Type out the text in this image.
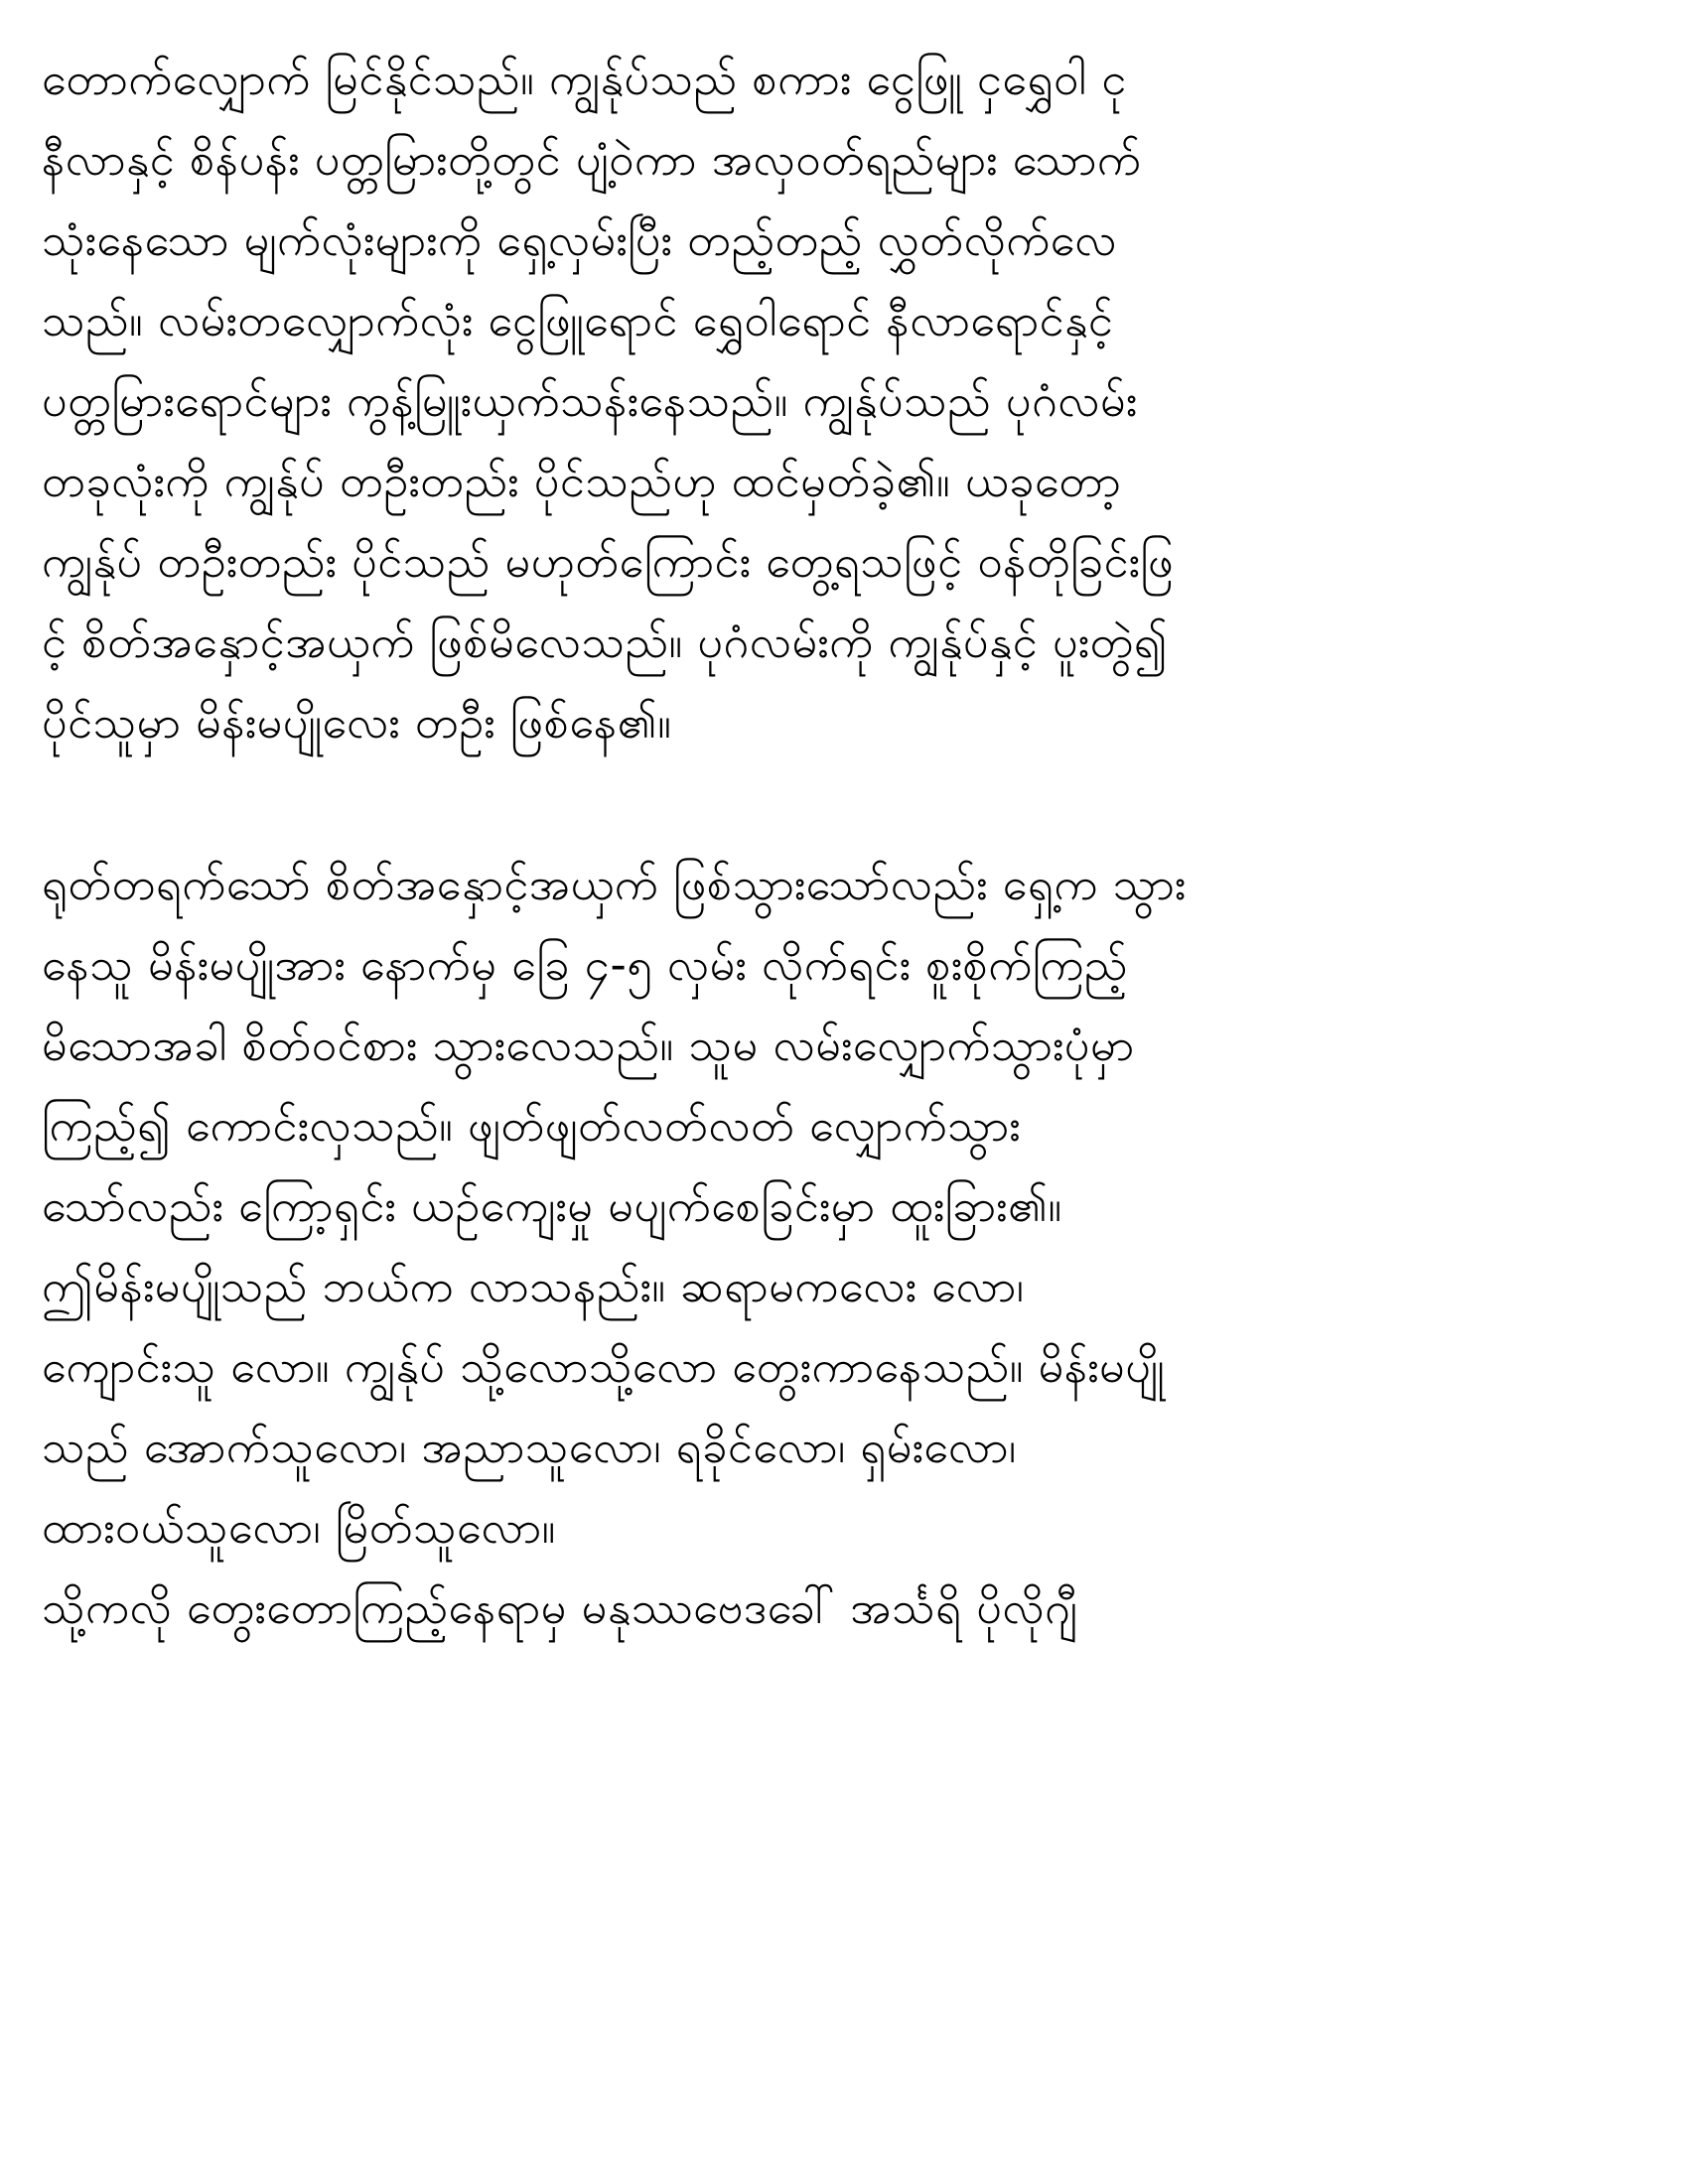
တောက်လျှောက် မြင်နိုင်သည်။ ကျွန်ုပ်သည် စကား ငွေဖြူ ငှရွှေဝါ ငု
နီလာနှင့် စိန်ပန်း ပတ္တမြားတို့တွင် ပျံ့ဝဲကာ အလှဝတ်ရည်များ သောက်
သုံးနေသော မျက်လုံးများကို ရှေ့လှမ်းပြီး တည့်တည့် လွှတ်လိုက်လေ
သည်။ လမ်းတလျှောက်လုံး ငွေဖြူရောင် ရွှေဝါရောင် နီလာရောင်နှင့်
ပတ္တမြားရောင်များ ကွန့်မြူးယှက်သန်းနေသည်။ ကျွန်ုပ်သည် ပုဂံလမ်း
တခုလုံးကို ကျွန်ုပ် တဦးတည်း ပိုင်သည်ဟု ထင်မှတ်ခဲ့၏။ ယခုတော့
ကျွန်ုပ် တဦးတည်း ပိုင်သည် မဟုတ်ကြောင်း တွေ့ရသဖြင့် ဝန်တိုခြင်းဖြ
င့် စိတ်အနှောင့်အယှက် ဖြစ်မိလေသည်။ ပုဂံလမ်းကို ကျွန်ုပ်နှင့် ပူးတွဲ၍
ပိုင်သူမှာ မိန်းမပျိုလေး တဦး ဖြစ်နေ၏။
ရုတ်တရက်သော် စိတ်အနှောင့်အယှက် ဖြစ်သွားသော်လည်း ရှေ့က သွား
နေသူ မိန်းမပျိုအား နောက်မှ ခြေ ၄-၅ လှမ်း လိုက်ရင်း စူးစိုက်ကြည့်
မိသောအခါ စိတ်ဝင်စား သွားလေသည်။ သူမ လမ်းလျှောက်သွားပုံမှာ
ကြည့်၍ ကောင်းလှသည်။ ဖျတ်ဖျတ်လတ်လတ် လျှောက်သွား
သော်လည်း ကြော့ရှင်း ယဉ်ကျေးမှု မပျက်စေခြင်းမှာ ထူးခြား၏။
ဤမိန်းမပျိုသည် ဘယ်က လာသနည်း။ ဆရာမကလေး လော၊
ကျောင်းသူ လော။ ကျွန်ုပ် သို့လောသို့လော တွေးကာနေသည်။ မိန်းမပျို
သည် အောက်သူလော၊ အညာသူလော၊ ရခိုင်လော၊ ရှမ်းလော၊
ထားဝယ်သူလော၊ မြိတ်သူလော။
သို့ကလို တွေးတောကြည့်နေရာမှ မနုဿဗေဒခေါ် အင်္သရိ ပိုလိုဂျီ
